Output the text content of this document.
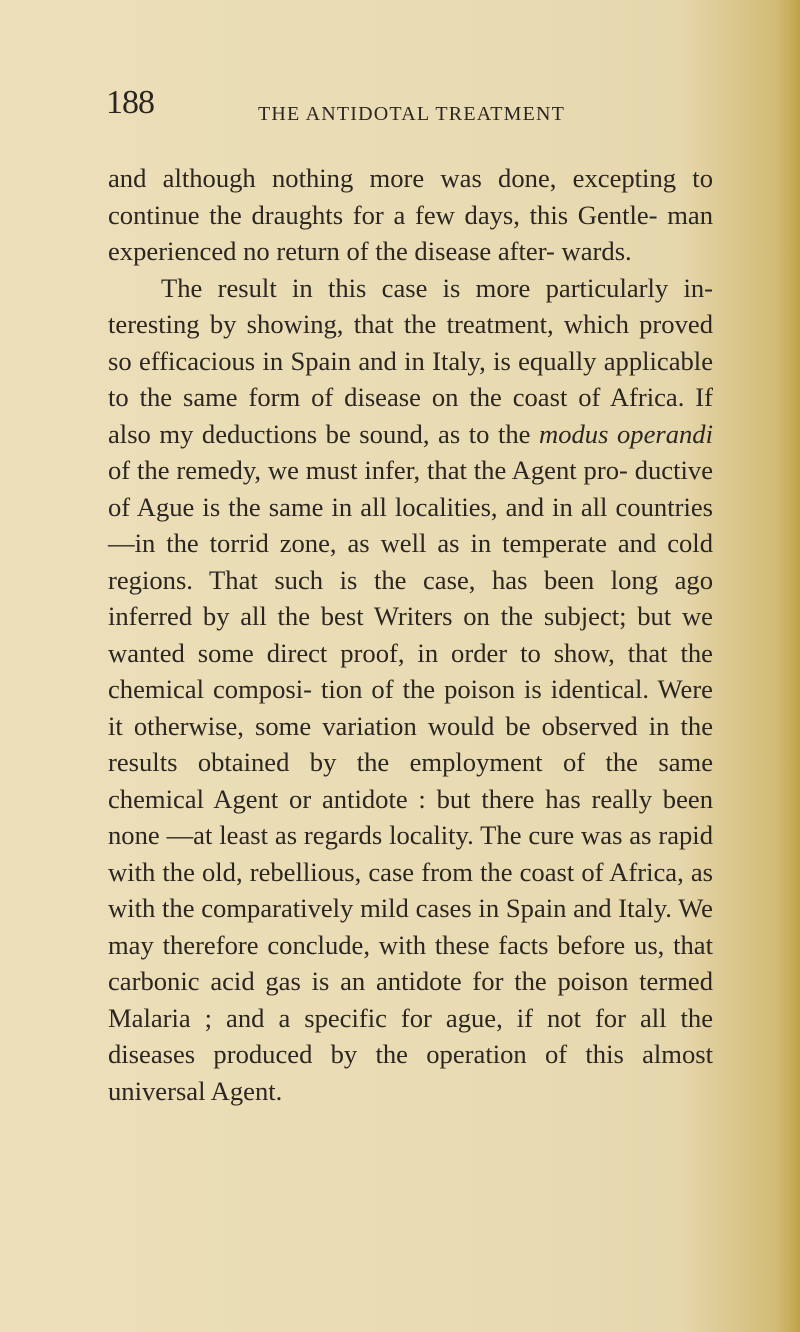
188	THE ANTIDOTAL TREATMENT

and although nothing more was done, excepting to continue the draughts for a few days, this Gentle- man experienced no return of the disease after- wards.

The result in this case is more particularly in- teresting by showing, that the treatment, which proved so efficacious in Spain and in Italy, is equally applicable to the same form of disease on the coast of Africa. If also my deductions be sound, as to the modus operandi of the remedy, we must infer, that the Agent pro- ductive of Ague is the same in all localities, and in all countries—in the torrid zone, as well as in temperate and cold regions. That such is the case, has been long ago inferred by all the best Writers on the subject; but we wanted some direct proof, in order to show, that the chemical composi- tion of the poison is identical. Were it otherwise, some variation would be observed in the results obtained by the employment of the same chemical Agent or antidote : but there has really been none —at least as regards locality. The cure was as rapid with the old, rebellious, case from the coast of Africa, as with the comparatively mild cases in Spain and Italy. We may therefore conclude, with these facts before us, that carbonic acid gas is an antidote for the poison termed Malaria ; and a specific for ague, if not for all the diseases produced by the operation of this almost universal Agent.
